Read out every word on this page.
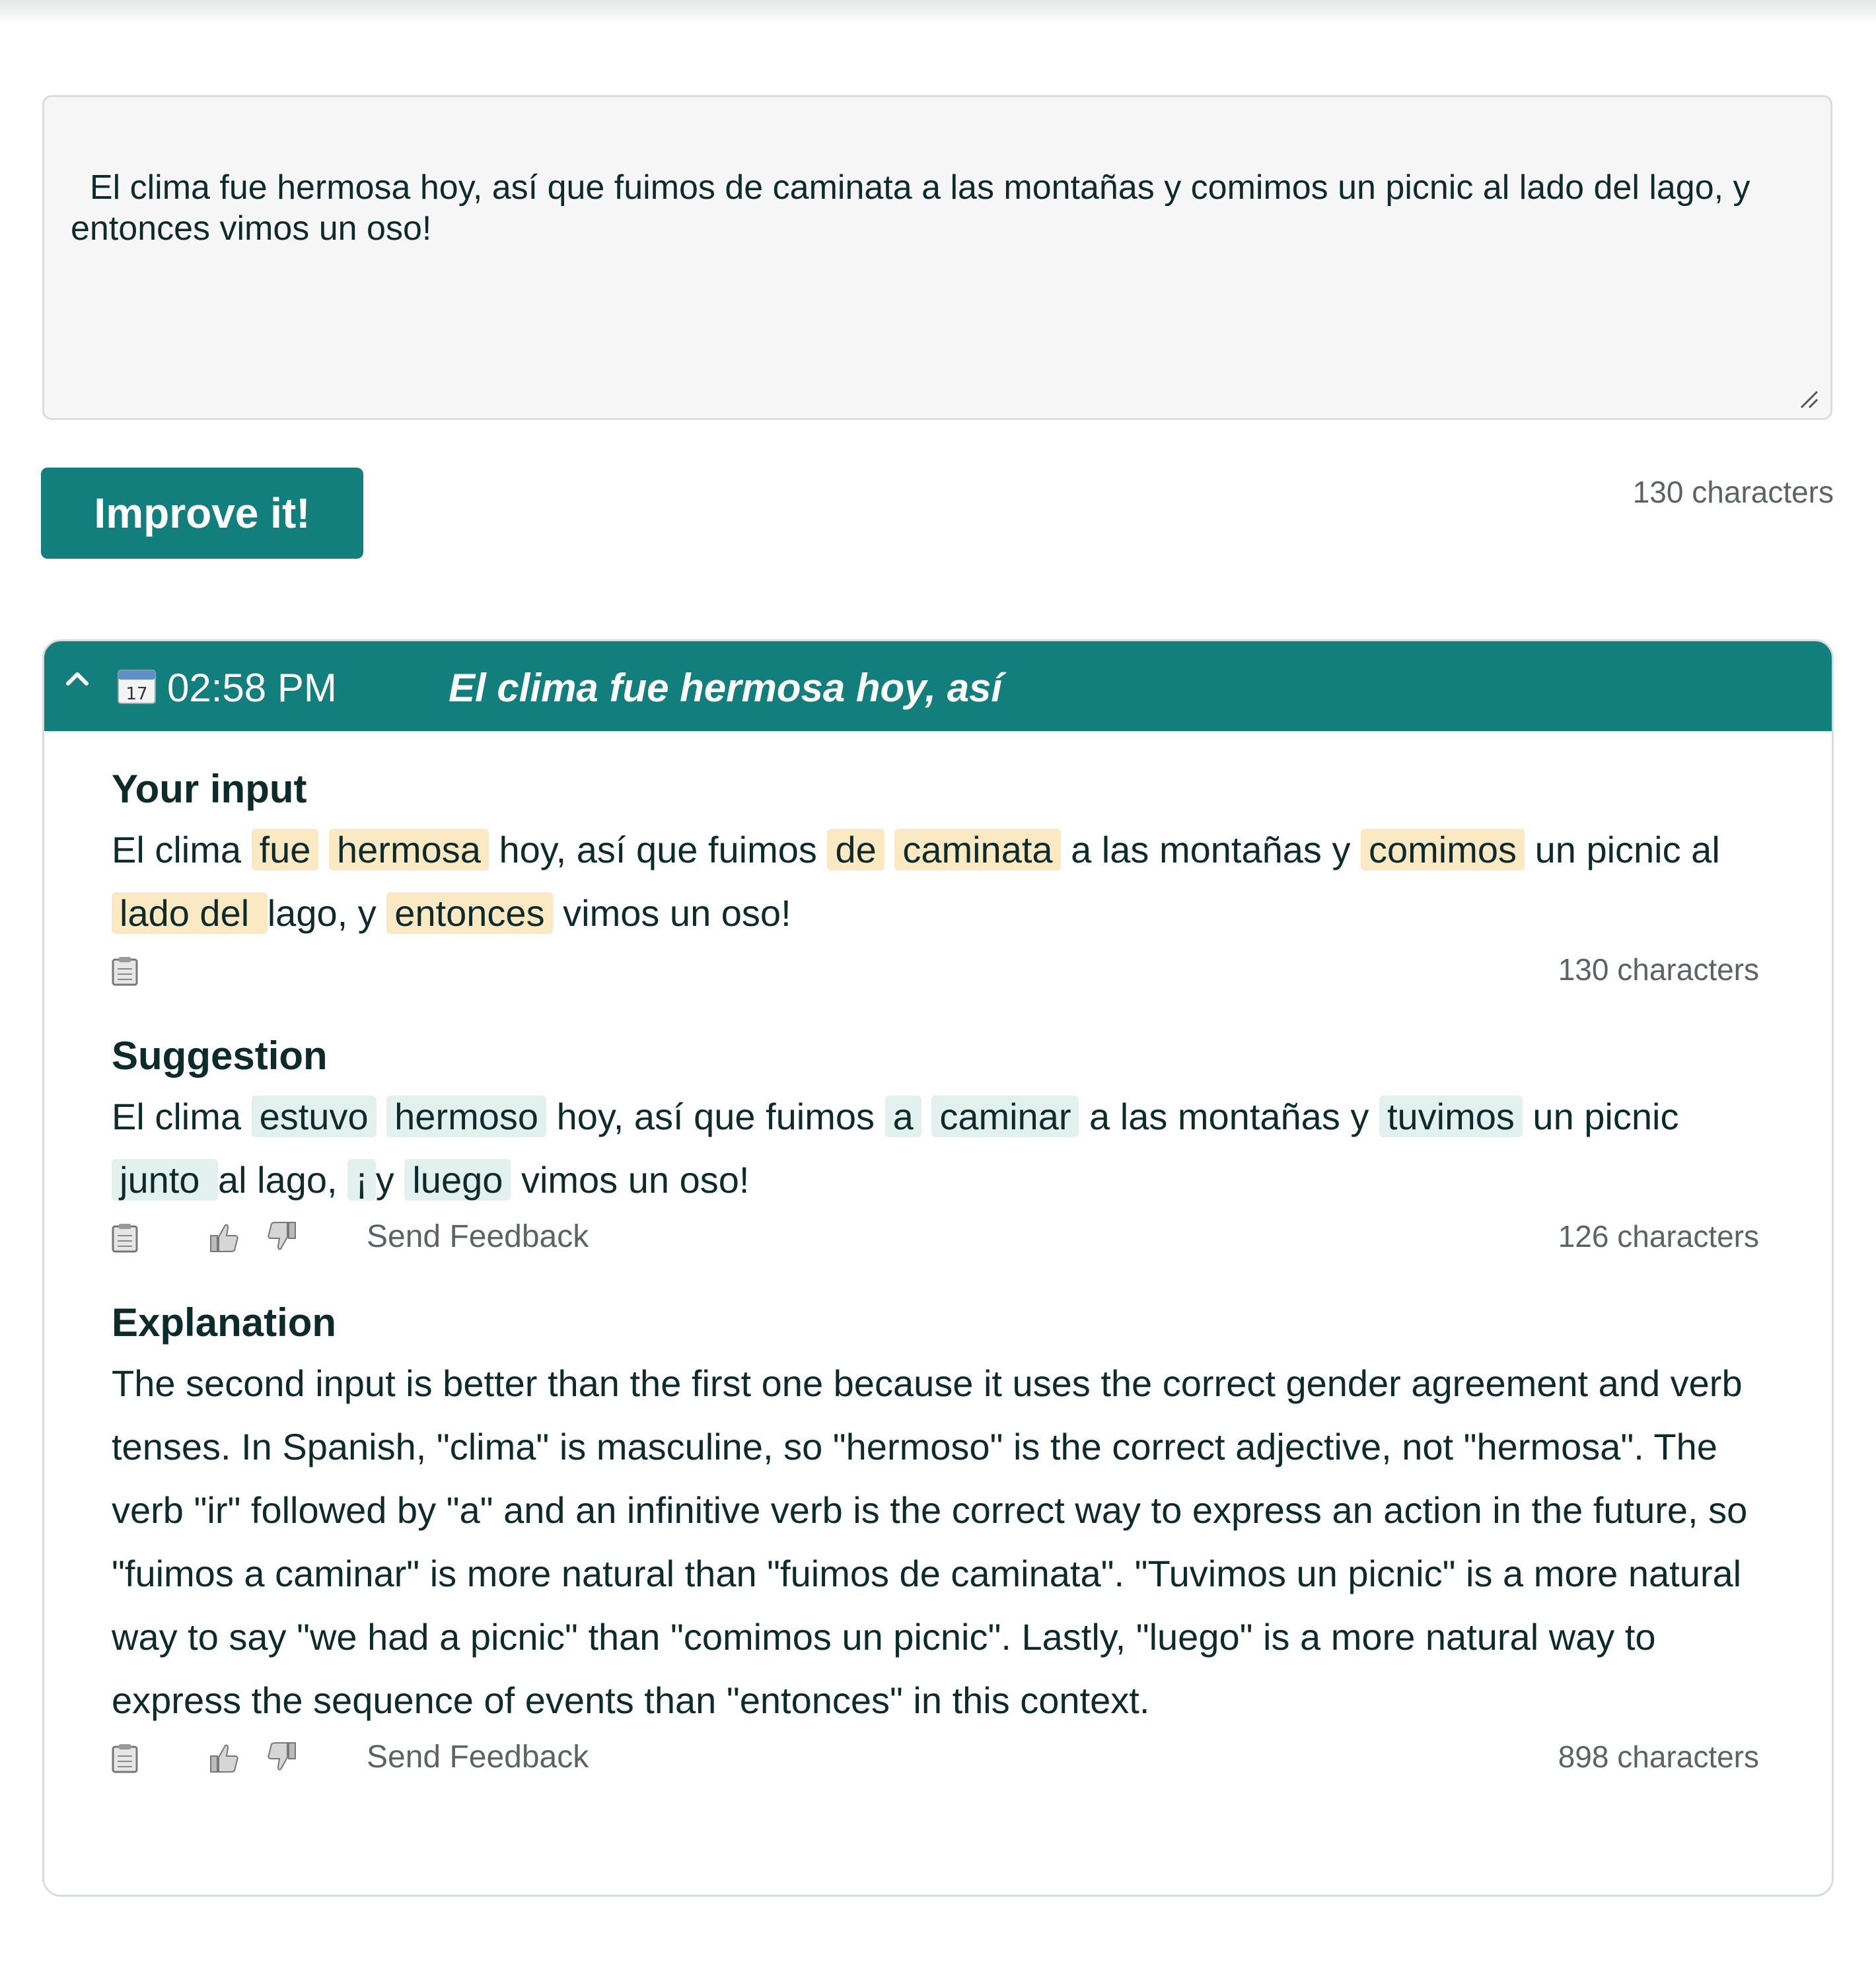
El clima fue hermosa hoy, así que fuimos de caminata a las montañas y comimos un picnic al lado del lago, y entonces vimos un oso!

Improve it!	130 characters
17 02:58 PM	El clima fue hermosa hoy, así
Your input
El clima fue hermosa hoy, así que fuimos de caminata a las montañas y comimos un picnic al lado del lago, y entonces vimos un oso!
130 characters
Suggestion
El clima estuvo hermoso hoy, así que fuimos a caminar a las montañas y tuvimos un picnic junto al lago, ¡ y luego vimos un oso!
Send Feedback	126 characters
Explanation
The second input is better than the first one because it uses the correct gender agreement and verb tenses. In Spanish, "clima" is masculine, so "hermoso" is the correct adjective, not "hermosa". The verb "ir" followed by "a" and an infinitive verb is the correct way to express an action in the future, so "fuimos a caminar" is more natural than "fuimos de caminata". "Tuvimos un picnic" is a more natural way to say "we had a picnic" than "comimos un picnic". Lastly, "luego" is a more natural way to express the sequence of events than "entonces" in this context.
Send Feedback	898 characters
